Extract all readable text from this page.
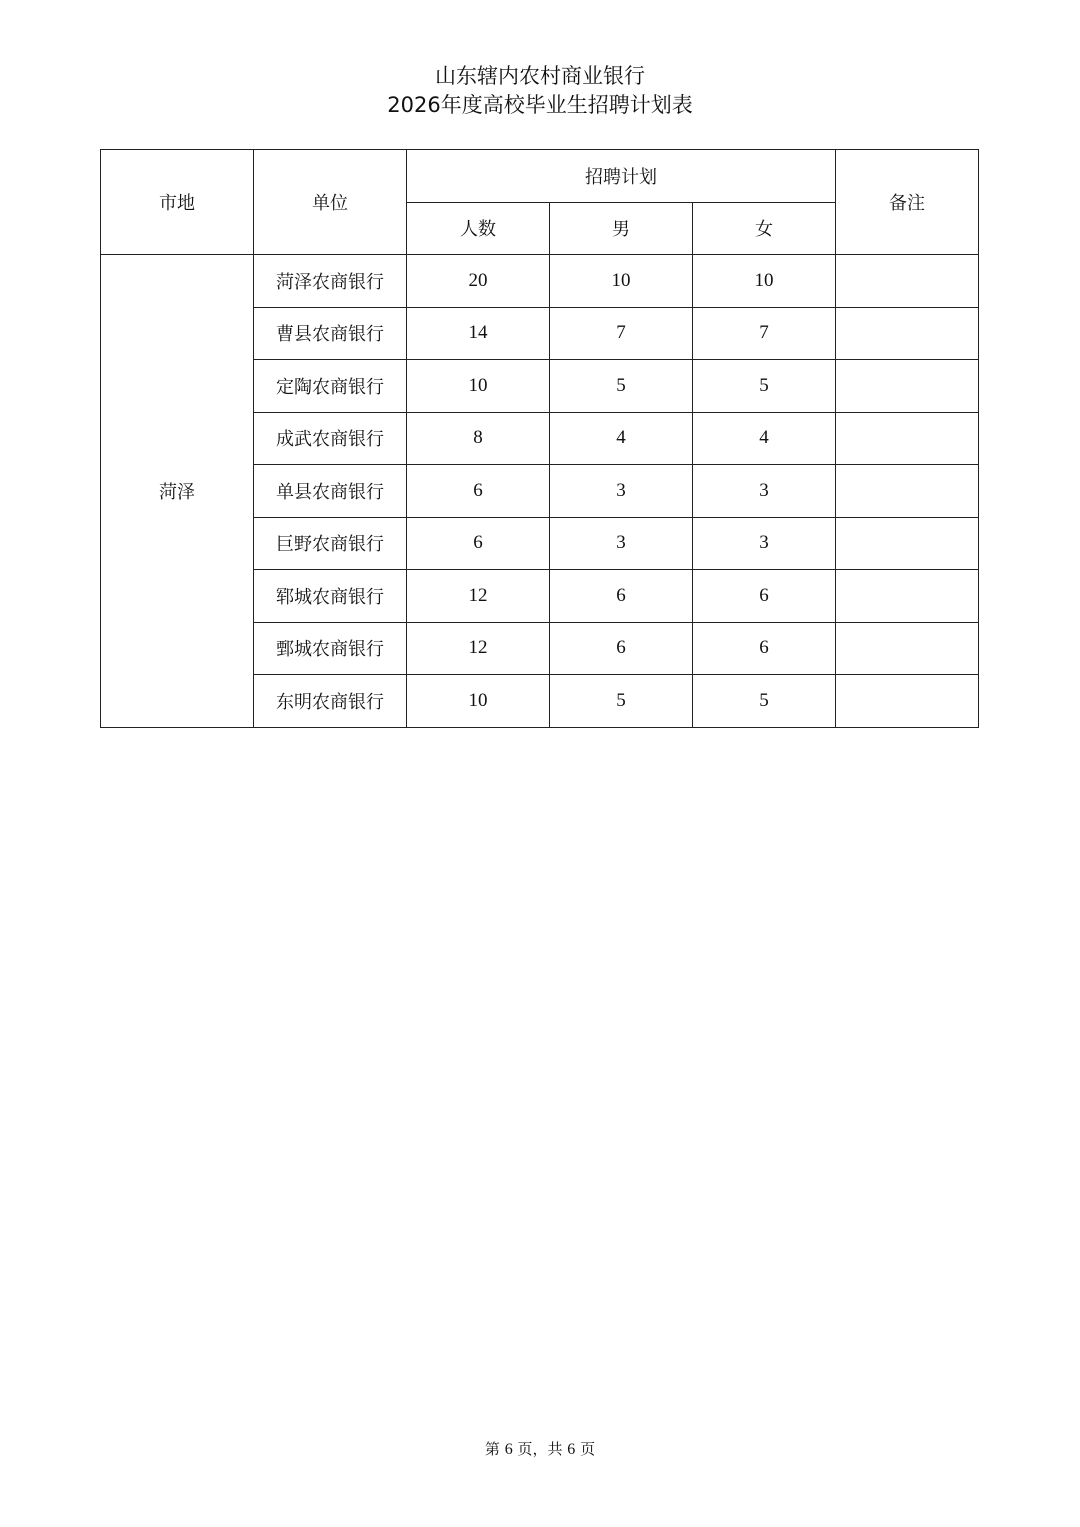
山东辖内农村商业银行
2026年度高校毕业生招聘计划表
市地	单位	招聘计划			备注
		人数	男	女	
菏泽	菏泽农商银行	20	10	10	
	曹县农商银行	14	7	7	
	定陶农商银行	10	5	5	
	成武农商银行	8	4	4	
	单县农商银行	6	3	3	
	巨野农商银行	6	3	3	
	郓城农商银行	12	6	6	
	鄄城农商银行	12	6	6	
	东明农商银行	10	5	5	
第 6 页，共 6 页
